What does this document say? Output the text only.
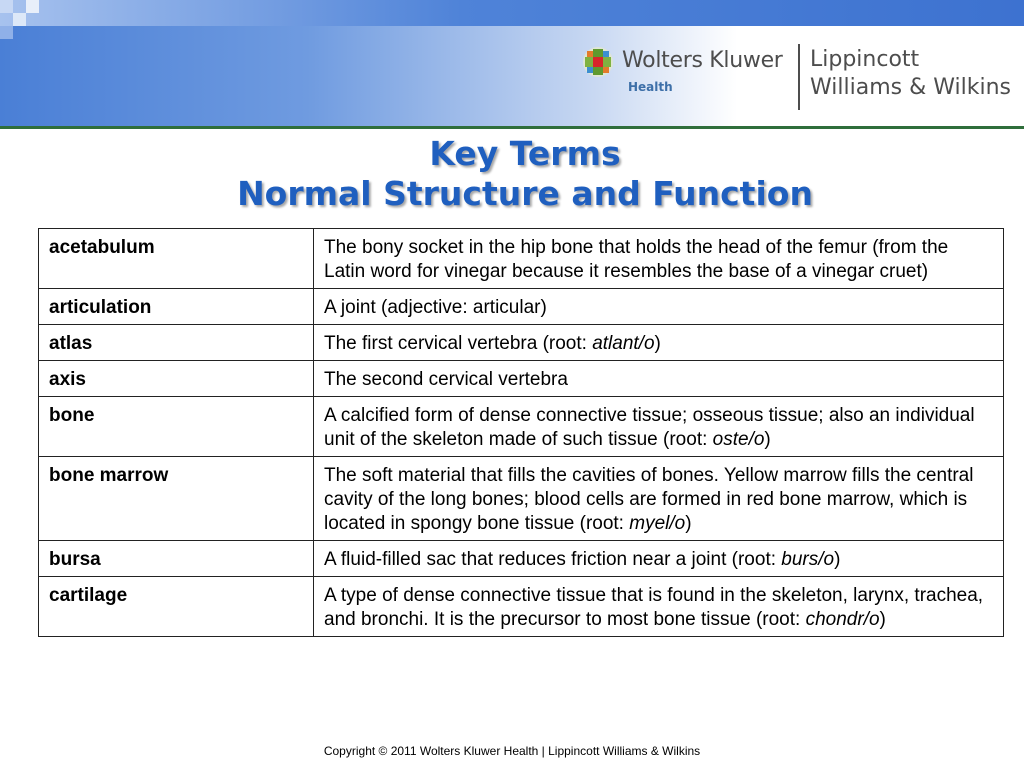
Wolters Kluwer
Health
Lippincott
Williams & Wilkins
Key Terms
Normal Structure and Function
acetabulum	The bony socket in the hip bone that holds the head of the femur (from the Latin word for vinegar because it resembles the base of a vinegar cruet)
articulation	A joint (adjective: articular)
atlas	The first cervical vertebra (root: atlant/o)
axis	The second cervical vertebra
bone	A calcified form of dense connective tissue; osseous tissue; also an individual unit of the skeleton made of such tissue (root: oste/o)
bone marrow	The soft material that fills the cavities of bones. Yellow marrow fills the central cavity of the long bones; blood cells are formed in red bone marrow, which is located in spongy bone tissue (root: myel/o)
bursa	A fluid-filled sac that reduces friction near a joint (root: burs/o)
cartilage	A type of dense connective tissue that is found in the skeleton, larynx, trachea, and bronchi. It is the precursor to most bone tissue (root: chondr/o)
Copyright © 2011 Wolters Kluwer Health | Lippincott Williams & Wilkins
